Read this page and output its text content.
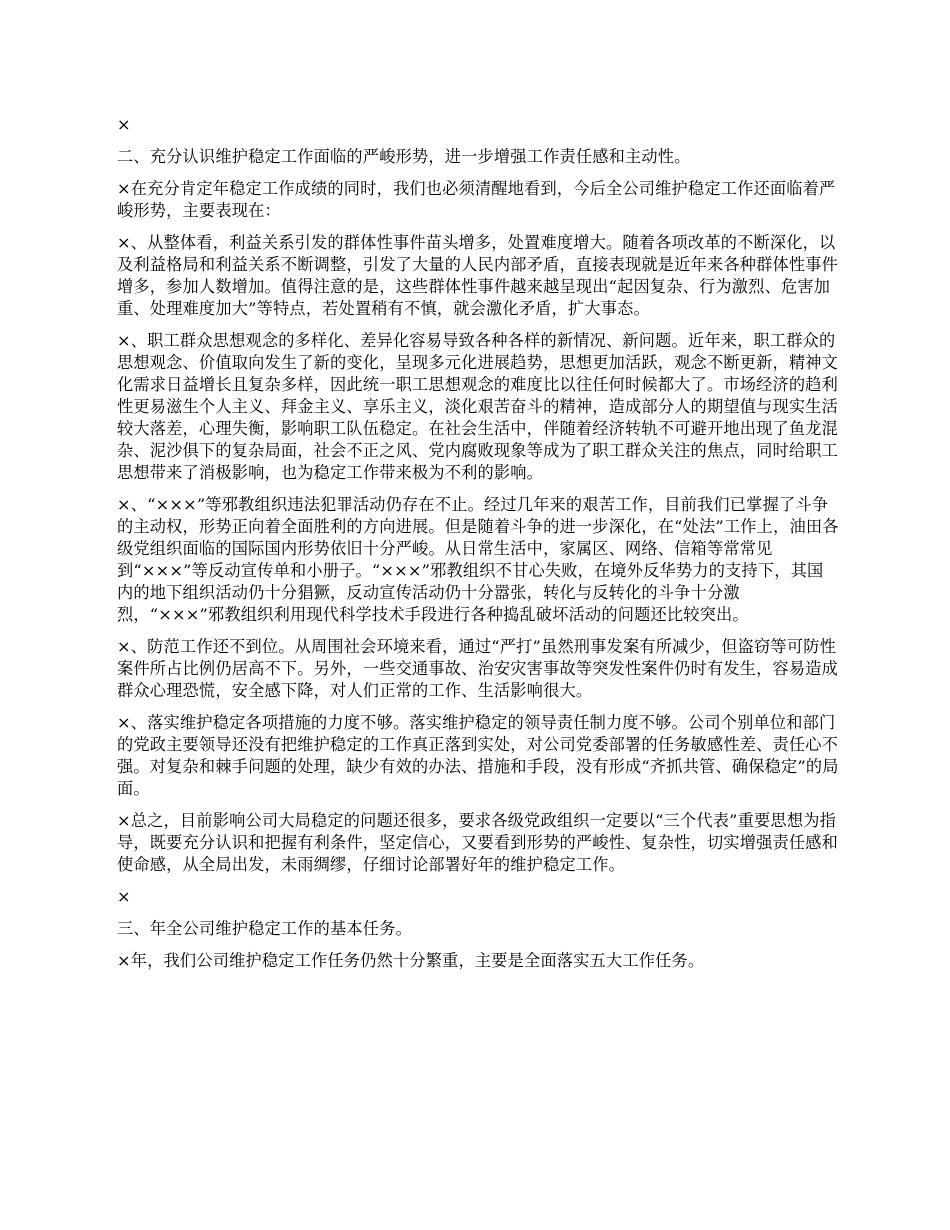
×

二、充分认识维护稳定工作面临的严峻形势，进一步增强工作责任感和主动性。

×在充分肯定年稳定工作成绩的同时，我们也必须清醒地看到，今后全公司维护稳定工作还面临着严峻形势，主要表现在：

×、从整体看，利益关系引发的群体性事件苗头增多，处置难度增大。随着各项改革的不断深化，以及利益格局和利益关系不断调整，引发了大量的人民内部矛盾，直接表现就是近年来各种群体性事件增多，参加人数增加。值得注意的是，这些群体性事件越来越呈现出“起因复杂、行为激烈、危害加重、处理难度加大”等特点，若处置稍有不慎，就会激化矛盾，扩大事态。

×、职工群众思想观念的多样化、差异化容易导致各种各样的新情况、新问题。近年来，职工群众的思想观念、价值取向发生了新的变化，呈现多元化进展趋势，思想更加活跃，观念不断更新，精神文化需求日益增长且复杂多样，因此统一职工思想观念的难度比以往任何时候都大了。市场经济的趋利性更易滋生个人主义、拜金主义、享乐主义，淡化艰苦奋斗的精神，造成部分人的期望值与现实生活较大落差，心理失衡，影响职工队伍稳定。在社会生活中，伴随着经济转轨不可避开地出现了鱼龙混杂、泥沙俱下的复杂局面，社会不正之风、党内腐败现象等成为了职工群众关注的焦点，同时给职工思想带来了消极影响，也为稳定工作带来极为不利的影响。

×、“×××”等邪教组织违法犯罪活动仍存在不止。经过几年来的艰苦工作，目前我们已掌握了斗争的主动权，形势正向着全面胜利的方向进展。但是随着斗争的进一步深化，在“处法”工作上，油田各级党组织面临的国际国内形势依旧十分严峻。从日常生活中，家属区、网络、信箱等常常见到“×××”等反动宣传单和小册子。“×××”邪教组织不甘心失败，在境外反华势力的支持下，其国内的地下组织活动仍十分猖獗，反动宣传活动仍十分嚣张，转化与反转化的斗争十分激烈，“×××”邪教组织利用现代科学技术手段进行各种捣乱破坏活动的问题还比较突出。

×、防范工作还不到位。从周围社会环境来看，通过“严打”虽然刑事发案有所减少，但盗窃等可防性案件所占比例仍居高不下。另外，一些交通事故、治安灾害事故等突发性案件仍时有发生，容易造成群众心理恐慌，安全感下降，对人们正常的工作、生活影响很大。

×、落实维护稳定各项措施的力度不够。落实维护稳定的领导责任制力度不够。公司个别单位和部门的党政主要领导还没有把维护稳定的工作真正落到实处，对公司党委部署的任务敏感性差、责任心不强。对复杂和棘手问题的处理，缺少有效的办法、措施和手段，没有形成“齐抓共管、确保稳定”的局面。

×总之，目前影响公司大局稳定的问题还很多，要求各级党政组织一定要以“三个代表”重要思想为指导，既要充分认识和把握有利条件，坚定信心，又要看到形势的严峻性、复杂性，切实增强责任感和使命感，从全局出发，未雨绸缪，仔细讨论部署好年的维护稳定工作。

×

三、年全公司维护稳定工作的基本任务。

×年，我们公司维护稳定工作任务仍然十分繁重，主要是全面落实五大工作任务。
